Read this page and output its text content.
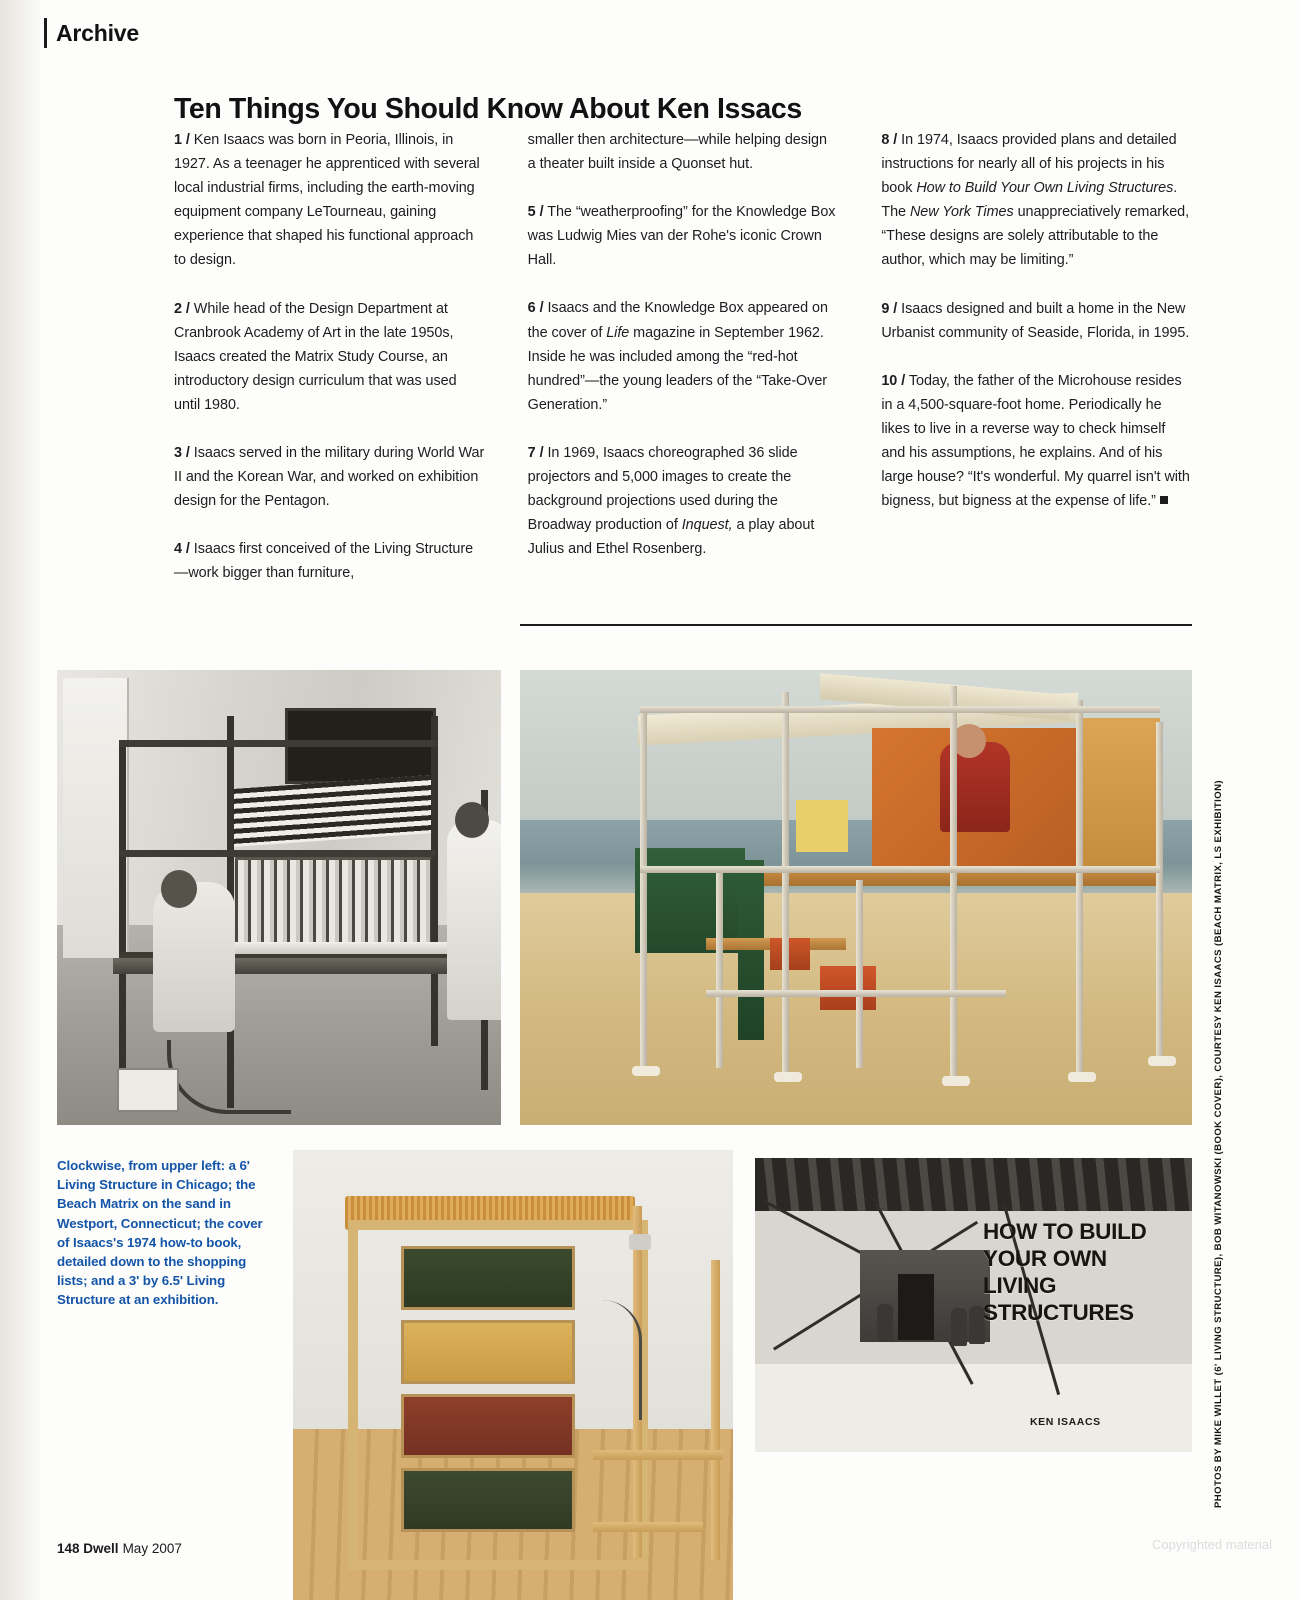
Archive
Ten Things You Should Know About Ken Issacs

1 / Ken Isaacs was born in Peoria, Illinois, in 1927. As a teenager he apprenticed with several local industrial firms, including the earth-moving equipment company LeTourneau, gaining experience that shaped his functional approach to design.

2 / While head of the Design Department at Cranbrook Academy of Art in the late 1950s, Isaacs created the Matrix Study Course, an introductory design curriculum that was used until 1980.

3 / Isaacs served in the military during World War II and the Korean War, and worked on exhibition design for the Pentagon.

4 / Isaacs first conceived of the Living Structure—work bigger than furniture,

smaller then architecture—while helping design a theater built inside a Quonset hut.

5 / The “weatherproofing” for the Knowledge Box was Ludwig Mies van der Rohe's iconic Crown Hall.

6 / Isaacs and the Knowledge Box appeared on the cover of Life magazine in September 1962. Inside he was included among the “red-hot hundred”—the young leaders of the “Take-Over Generation.”

7 / In 1969, Isaacs choreographed 36 slide projectors and 5,000 images to create the background projections used during the Broadway production of Inquest, a play about Julius and Ethel Rosenberg.

8 / In 1974, Isaacs provided plans and detailed instructions for nearly all of his projects in his book How to Build Your Own Living Structures. The New York Times unappreciatively remarked, “These designs are solely attributable to the author, which may be limiting.”

9 / Isaacs designed and built a home in the New Urbanist community of Seaside, Florida, in 1995.

10 / Today, the father of the Microhouse resides in a 4,500-square-foot home. Periodically he likes to live in a reverse way to check himself and his assumptions, he explains. And of his large house? “It's wonderful. My quarrel isn't with bigness, but bigness at the expense of life.”

Clockwise, from upper left: a 6' Living Structure in Chicago; the Beach Matrix on the sand in Westport, Connecticut; the cover of Isaacs's 1974 how-to book, detailed down to the shopping lists; and a 3' by 6.5' Living Structure at an exhibition.
HOW TO BUILD
YOUR OWN
LIVING STRUCTURES
KEN ISAACS	PHOTOS BY MIKE WILLET (6' LIVING STRUCTURE), BOB WITANOWSKI (BOOK COVER), COURTESY KEN ISAACS (BEACH MATRIX, LS EXHIBITION)
148 Dwell May 2007	Copyrighted material
